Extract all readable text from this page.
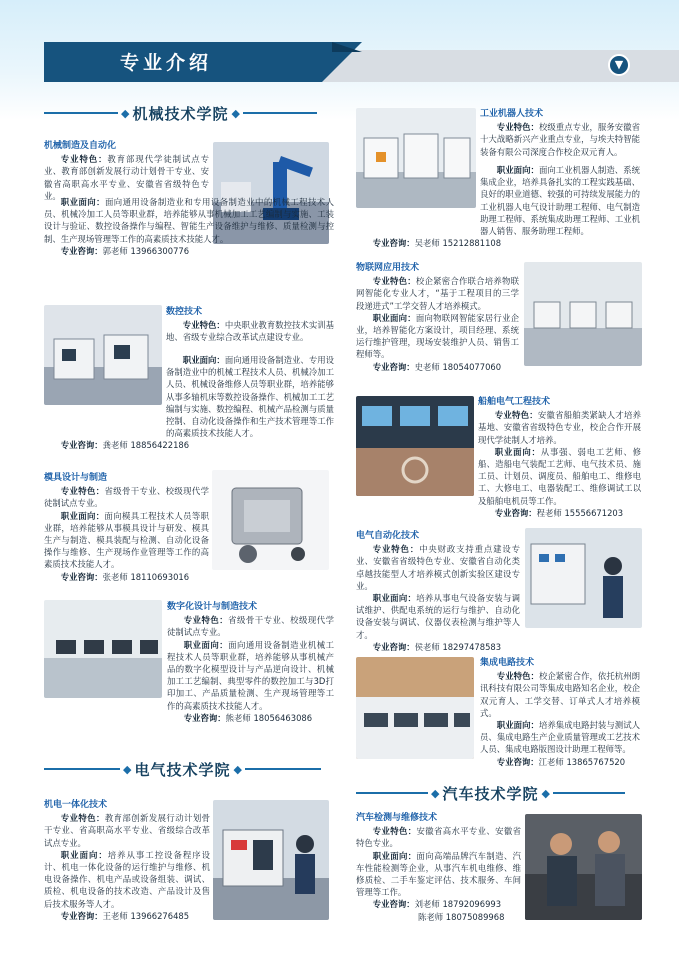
专业介绍	▼
◆ 机械技术学院 ◆
机械制造及自动化

专业特色：教育部现代学徒制试点专业、教育部创新发展行动计划骨干专业、安徽省高职高水平专业、安徽省省级特色专业。

职业面向：面向通用设备制造业和专用设备制造业中的机械工程技术人员、机械冷加工人员等职业群，培养能够从事机械加工工艺编制与实施、工装设计与验证、数控设备操作与编程、智能生产设备维护与维修、质量检测与控制、生产现场管理等工作的高素质技术技能人才。

专业咨询：郭老师 13966300776
数控技术

专业特色：中央职业教育数控技术实训基地、省级专业综合改革试点建设专业。

职业面向：面向通用设备制造业、专用设备制造业中的机械工程技术人员、机械冷加工人员、机械设备维修人员等职业群，培养能够从事多轴机床等数控设备操作、机械加工工艺编制与实施、数控编程、机械产品检测与质量控制、自动化设备操作和生产技术管理等工作的高素质技术技能人才。

专业咨询：龚老师 18856422186
模具设计与制造

专业特色：省级骨干专业、校级现代学徒制试点专业。

职业面向：面向模具工程技术人员等职业群，培养能够从事模具设计与研发、模具生产与制造、模具装配与检测、自动化设备操作与维修、生产现场作业管理等工作的高素质技术技能人才。

专业咨询：张老师 18110693016
数字化设计与制造技术

专业特色：省级骨干专业、校级现代学徒制试点专业。

职业面向：面向通用设备制造业机械工程技术人员等职业群，培养能够从事机械产品的数字化模型设计与产品逆向设计、机械加工工艺编制、典型零件的数控加工与3D打印加工、产品质量检测、生产现场管理等工作的高素质技术技能人才。

专业咨询：熊老师 18056463086
◆ 电气技术学院 ◆
机电一体化技术

专业特色：教育部创新发展行动计划骨干专业、省高职高水平专业、省级综合改革试点专业。

职业面向：培养从事工控设备程序设计、机电一体化设备的运行维护与维修、机电设备操作、机电产品或设备组装、调试、质检、机电设备的技术改造、产品设计及售后技术服务等人才。

专业咨询：王老师 13966276485
工业机器人技术

专业特色：校级重点专业，服务安徽省十大战略新兴产业重点专业，与埃夫特智能装备有限公司深度合作校企双元育人。

职业面向：面向工业机器人制造、系统集成企业，培养具备扎实的工程实践基础、良好的职业道德、较强的可持续发展能力的工业机器人电气设计助理工程师、电气制造助理工程师、系统集成助理工程师、工业机器人销售、服务助理工程师。

专业咨询：吴老师 15212881108
物联网应用技术

专业特色：校企紧密合作联合培养物联网智能化专业人才，“基于工程项目的三学段递进式”工学交替人才培养模式。

职业面向：面向物联网智能家居行业企业，培养智能化方案设计，项目经理、系统运行维护管理，现场安装维护人员、销售工程师等。

专业咨询：史老师 18054077060
船舶电气工程技术

专业特色：安徽省船舶类紧缺人才培养基地、安徽省省级特色专业，校企合作开展现代学徒制人才培养。

职业面向：从事强、弱电工艺师、修船、造船电气装配工艺师、电气技术员、施工员、计划员、调度员、船舶电工、维修电工、大修电工、电器装配工、维修调试工以及船舶电机员等工作。

专业咨询：程老师 15556671203
电气自动化技术

专业特色：中央财政支持重点建设专业、安徽省省级特色专业、安徽省自动化类卓越技能型人才培养模式创新实验区建设专业。

职业面向：培养从事电气设备安装与调试维护、供配电系统的运行与维护、自动化设备安装与调试、仪器仪表检测与维护等人才。

专业咨询：侯老师 18297478583
集成电路技术

专业特色：校企紧密合作，依托杭州朗讯科技有限公司等集成电路知名企业，校企双元育人、工学交替、订单式人才培养模式。

职业面向：培养集成电路封装与测试人员、集成电路生产企业质量管理或工艺技术人员、集成电路版图设计助理工程师等。

专业咨询：江老师 13865767520
◆ 汽车技术学院 ◆
汽车检测与维修技术

专业特色：安徽省高水平专业、安徽省特色专业。

职业面向：面向高端品牌汽车制造、汽车性能检测等企业，从事汽车机电维修、维修质检、二手车鉴定评估、技术服务、车间管理等工作。

专业咨询：刘老师 18792096993
陈老师 18075089968
